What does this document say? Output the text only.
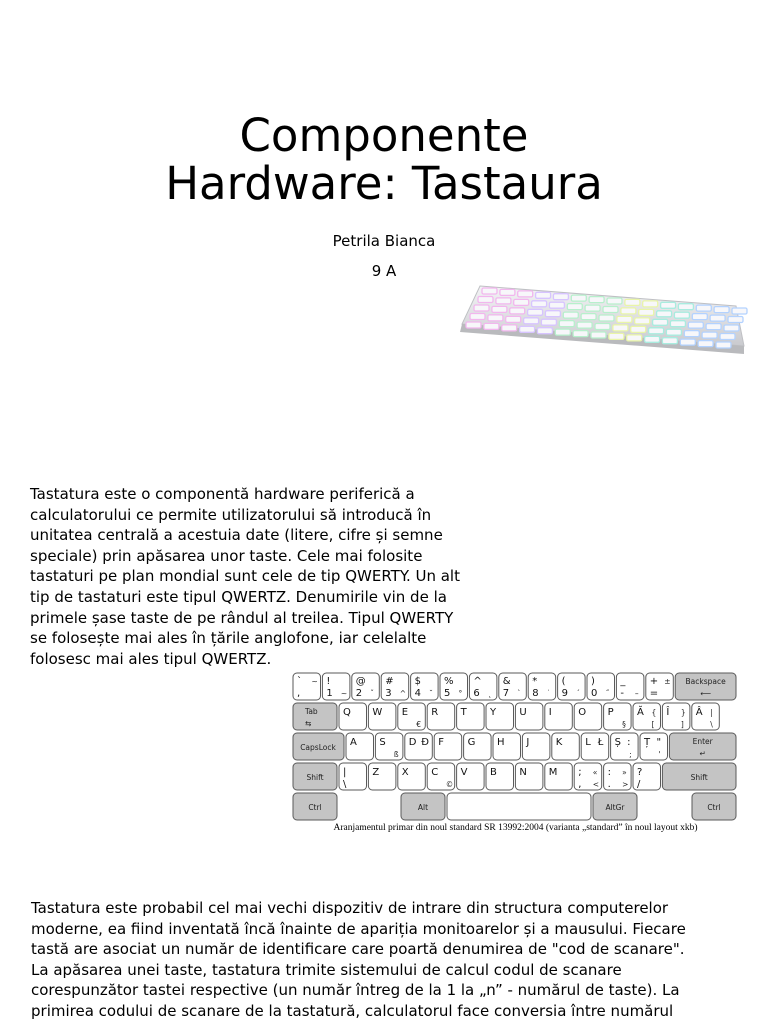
Componente
Hardware: Tastaura
Petrila Bianca
9 A
Tastatura este o componentă hardware periferică a
calculatorului ce permite utilizatorului să introducă în
unitatea centrală a acestuia date (litere, cifre și semne
speciale) prin apăsarea unor taste. Cele mai folosite
tastaturi pe plan mondial sunt cele de tip QWERTY. Un alt
tip de tastaturi este tipul QWERTZ. Denumirile vin de la
primele șase taste de pe rândul al treilea. Tipul QWERTY
se folosește mai ales în țările anglofone, iar celelalte
folosesc mai ales tipul QWERTZ.
`
,
~ !
1 ~
@
2 ˇ
#
3 ^
$
4 ˘
%
5 °
^
6 ˛
&
7 `
*
8 ˙
(
9 ´
)
0 ˝
_
- –
+
=
± Backspace
⟵
Tab
⇆
Q W E
€
R T Y U I	O P
§
Ă {
[
Î }
]
Â |
\
CapsLock A S
ß
D Đ F G H J	K L Ł Ș :
;
Ț "
'
Enter
↵
Shift |
\
Z X C
©
V B N M ;
,
«
<
:
.
»
>
?
/
Shift
Ctrl	Alt	AltGr	Ctrl
Aranjamentul primar din noul standard SR 13992:2004 (varianta „standard” în noul layout xkb)
Tastatura este probabil cel mai vechi dispozitiv de intrare din structura computerelor
moderne, ea fiind inventată încă înainte de apariția monitoarelor și a mausului. Fiecare
tastă are asociat un număr de identificare care poartă denumirea de "cod de scanare".
La apăsarea unei taste, tastatura trimite sistemului de calcul codul de scanare
corespunzător tastei respective (un număr întreg de la 1 la „n” - numărul de taste). La
primirea codului de scanare de la tastatură, calculatorul face conversia între numărul
